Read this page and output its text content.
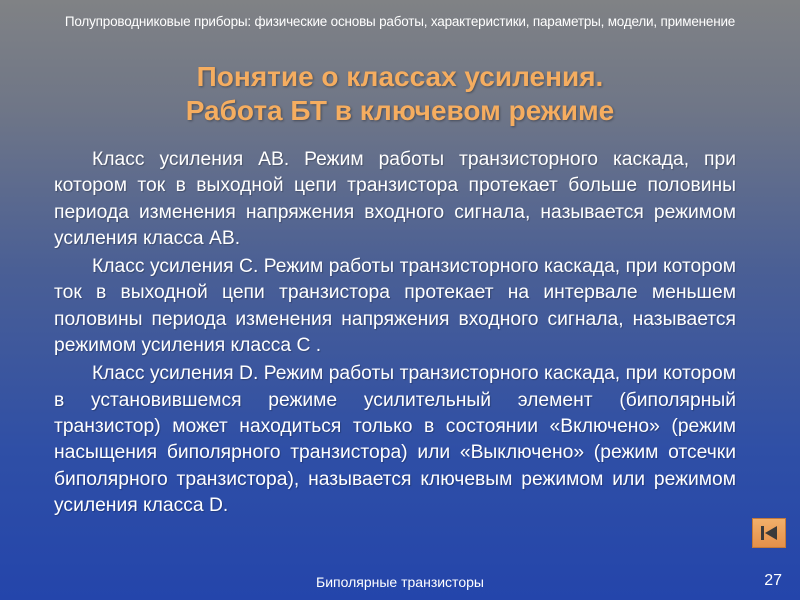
Полупроводниковые приборы: физические основы работы, характеристики, параметры, модели, применение
Понятие о классах усиления.
Работа БТ в ключевом режиме

Класс усиления АВ. Режим работы транзисторного каскада, при котором ток в выходной цепи транзистора протекает больше половины периода изменения напряжения входного сигнала, называется режимом усиления класса АВ.

Класс усиления С. Режим работы транзисторного каскада, при котором ток в выходной цепи транзистора протекает на интервале меньшем половины периода изменения напряжения входного сигнала, называется режимом усиления класса С .

Класс усиления D. Режим работы транзисторного каскада, при котором в установившемся режиме усилительный элемент (биполярный транзистор) может находиться только в состоянии «Включено» (режим насыщения биполярного транзистора) или «Выключено» (режим отсечки биполярного транзистора), называется ключевым режимом или режимом усиления класса D.

Биполярные транзисторы	27
